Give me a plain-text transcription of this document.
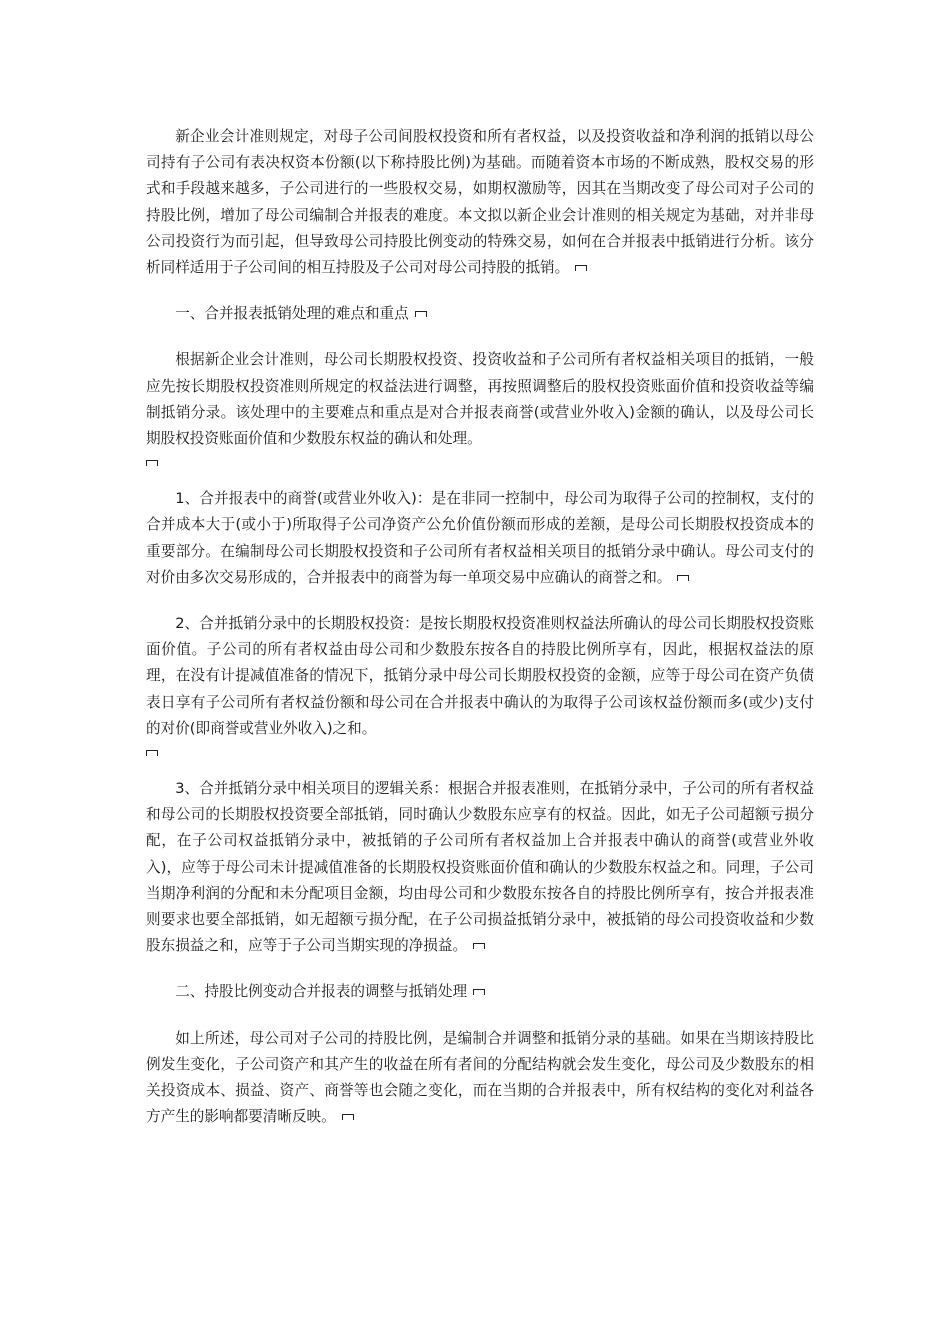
新企业会计准则规定，对母子公司间股权投资和所有者权益，以及投资收益和净利润的抵销以母公司持有子公司有表决权资本份额(以下称持股比例)为基础。而随着资本市场的不断成熟，股权交易的形式和手段越来越多，子公司进行的一些股权交易，如期权激励等，因其在当期改变了母公司对子公司的持股比例，增加了母公司编制合并报表的难度。本文拟以新企业会计准则的相关规定为基础，对并非母公司投资行为而引起，但导致母公司持股比例变动的特殊交易，如何在合并报表中抵销进行分析。该分析同样适用于子公司间的相互持股及子公司对母公司持股的抵销。

一、合并报表抵销处理的难点和重点

根据新企业会计准则，母公司长期股权投资、投资收益和子公司所有者权益相关项目的抵销，一般应先按长期股权投资准则所规定的权益法进行调整，再按照调整后的股权投资账面价值和投资收益等编制抵销分录。该处理中的主要难点和重点是对合并报表商誉(或营业外收入)金额的确认，以及母公司长期股权投资账面价值和少数股东权益的确认和处理。

1、合并报表中的商誉(或营业外收入)：是在非同一控制中，母公司为取得子公司的控制权，支付的合并成本大于(或小于)所取得子公司净资产公允价值份额而形成的差额，是母公司长期股权投资成本的重要部分。在编制母公司长期股权投资和子公司所有者权益相关项目的抵销分录中确认。母公司支付的对价由多次交易形成的，合并报表中的商誉为每一单项交易中应确认的商誉之和。

2、合并抵销分录中的长期股权投资：是按长期股权投资准则权益法所确认的母公司长期股权投资账面价值。子公司的所有者权益由母公司和少数股东按各自的持股比例所享有，因此，根据权益法的原理，在没有计提减值准备的情况下，抵销分录中母公司长期股权投资的金额，应等于母公司在资产负债表日享有子公司所有者权益份额和母公司在合并报表中确认的为取得子公司该权益份额而多(或少)支付的对价(即商誉或营业外收入)之和。

3、合并抵销分录中相关项目的逻辑关系：根据合并报表准则，在抵销分录中，子公司的所有者权益和母公司的长期股权投资要全部抵销，同时确认少数股东应享有的权益。因此，如无子公司超额亏损分配，在子公司权益抵销分录中，被抵销的子公司所有者权益加上合并报表中确认的商誉(或营业外收入)，应等于母公司未计提减值准备的长期股权投资账面价值和确认的少数股东权益之和。同理，子公司当期净利润的分配和未分配项目金额，均由母公司和少数股东按各自的持股比例所享有，按合并报表准则要求也要全部抵销，如无超额亏损分配，在子公司损益抵销分录中，被抵销的母公司投资收益和少数股东损益之和，应等于子公司当期实现的净损益。

二、持股比例变动合并报表的调整与抵销处理

如上所述，母公司对子公司的持股比例，是编制合并调整和抵销分录的基础。如果在当期该持股比例发生变化，子公司资产和其产生的收益在所有者间的分配结构就会发生变化，母公司及少数股东的相关投资成本、损益、资产、商誉等也会随之变化，而在当期的合并报表中，所有权结构的变化对利益各方产生的影响都要清晰反映。
